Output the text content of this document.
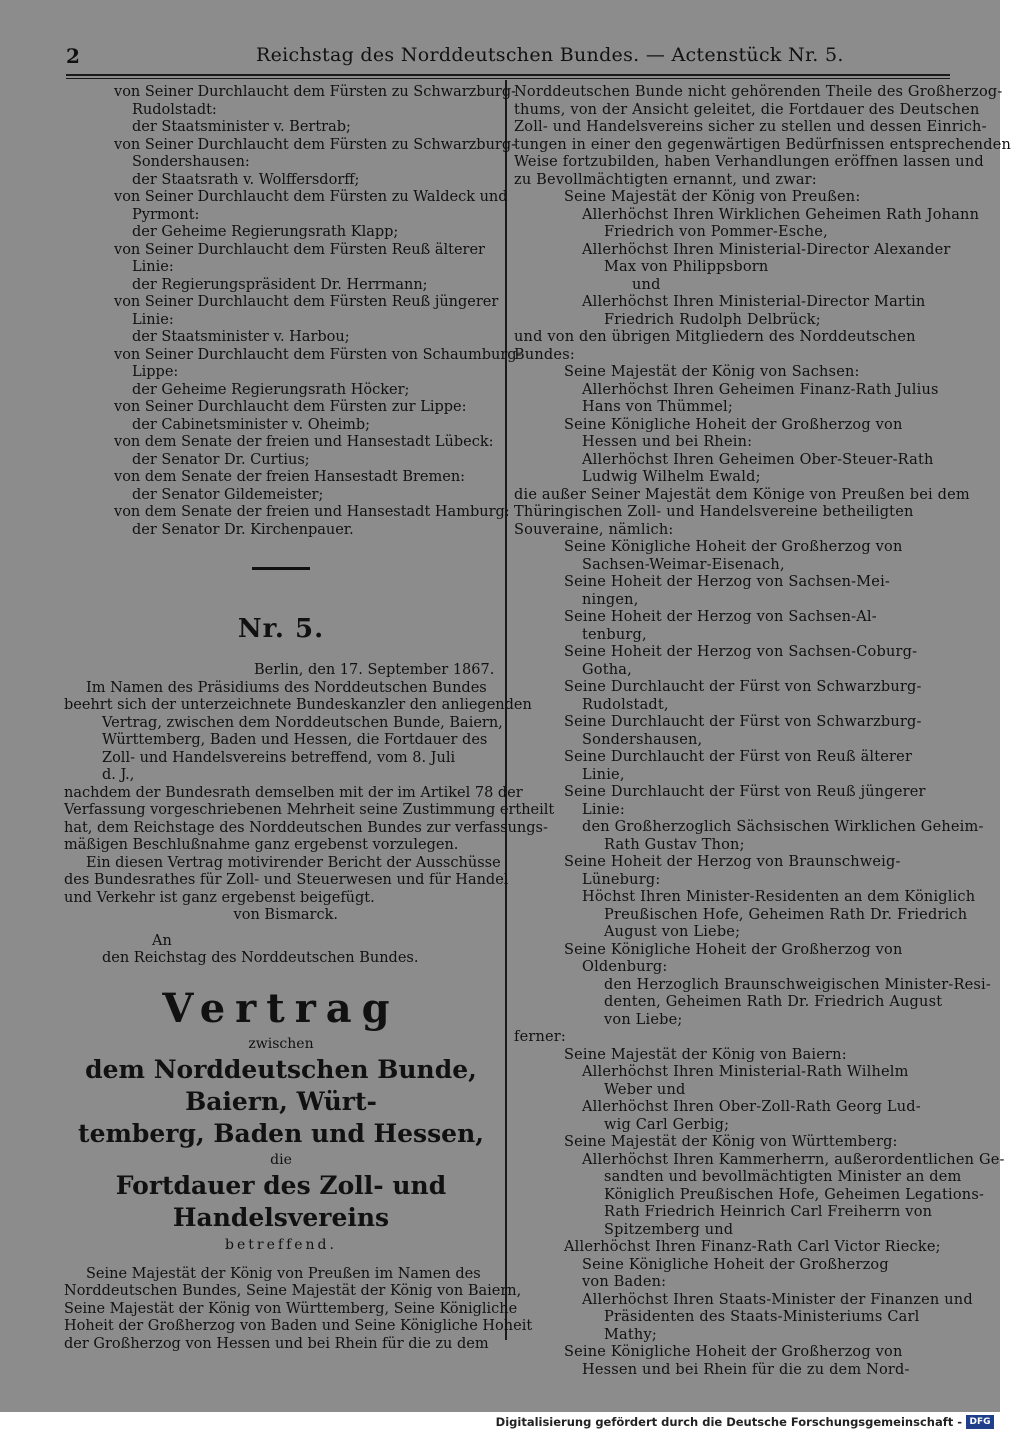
2	Reichstag des Norddeutschen Bundes. — Actenstück Nr. 5.
von Seiner Durchlaucht dem Fürsten zu Schwarzburg-
Rudolstadt:
der Staatsminister v. Bertrab;
von Seiner Durchlaucht dem Fürsten zu Schwarzburg-
Sondershausen:
der Staatsrath v. Wolffersdorff;
von Seiner Durchlaucht dem Fürsten zu Waldeck und
Pyrmont:
der Geheime Regierungsrath Klapp;
von Seiner Durchlaucht dem Fürsten Reuß älterer
Linie:
der Regierungspräsident Dr. Herrmann;
von Seiner Durchlaucht dem Fürsten Reuß jüngerer
Linie:
der Staatsminister v. Harbou;
von Seiner Durchlaucht dem Fürsten von Schaumburg-
Lippe:
der Geheime Regierungsrath Höcker;
von Seiner Durchlaucht dem Fürsten zur Lippe:
der Cabinetsminister v. Oheimb;
von dem Senate der freien und Hansestadt Lübeck:
der Senator Dr. Curtius;
von dem Senate der freien Hansestadt Bremen:
der Senator Gildemeister;
von dem Senate der freien und Hansestadt Hamburg:
der Senator Dr. Kirchenpauer.
Nr. 5.
Berlin, den 17. September 1867.
Im Namen des Präsidiums des Norddeutschen Bundes
beehrt sich der unterzeichnete Bundeskanzler den anliegenden
Vertrag, zwischen dem Norddeutschen Bunde, Baiern,
Württemberg, Baden und Hessen, die Fortdauer des
Zoll- und Handelsvereins betreffend, vom 8. Juli
d. J.,
nachdem der Bundesrath demselben mit der im Artikel 78 der
Verfassung vorgeschriebenen Mehrheit seine Zustimmung ertheilt
hat, dem Reichstage des Norddeutschen Bundes zur verfassungs-
mäßigen Beschlußnahme ganz ergebenst vorzulegen.
Ein diesen Vertrag motivirender Bericht der Ausschüsse
des Bundesrathes für Zoll- und Steuerwesen und für Handel
und Verkehr ist ganz ergebenst beigefügt.
von Bismarck.
An
den Reichstag des Norddeutschen Bundes.
Vertrag
zwischen
dem Norddeutschen Bunde, Baiern, Würt-
temberg, Baden und Hessen,
die
Fortdauer des Zoll- und Handelsvereins
betreffend.
Seine Majestät der König von Preußen im Namen des
Norddeutschen Bundes, Seine Majestät der König von Baiern,
Seine Majestät der König von Württemberg, Seine Königliche
Hoheit der Großherzog von Baden und Seine Königliche Hoheit
der Großherzog von Hessen und bei Rhein für die zu dem
Norddeutschen Bunde nicht gehörenden Theile des Großherzog-
thums, von der Ansicht geleitet, die Fortdauer des Deutschen
Zoll- und Handelsvereins sicher zu stellen und dessen Einrich-
tungen in einer den gegenwärtigen Bedürfnissen entsprechenden
Weise fortzubilden, haben Verhandlungen eröffnen lassen und
zu Bevollmächtigten ernannt, und zwar:
Seine Majestät der König von Preußen:
Allerhöchst Ihren Wirklichen Geheimen Rath Johann
Friedrich von Pommer-Esche,
Allerhöchst Ihren Ministerial-Director Alexander
Max von Philippsborn
und
Allerhöchst Ihren Ministerial-Director Martin
Friedrich Rudolph Delbrück;
und von den übrigen Mitgliedern des Norddeutschen
Bundes:
Seine Majestät der König von Sachsen:
Allerhöchst Ihren Geheimen Finanz-Rath Julius
Hans von Thümmel;
Seine Königliche Hoheit der Großherzog von
Hessen und bei Rhein:
Allerhöchst Ihren Geheimen Ober-Steuer-Rath
Ludwig Wilhelm Ewald;
die außer Seiner Majestät dem Könige von Preußen bei dem
Thüringischen Zoll- und Handelsvereine betheiligten
Souveraine, nämlich:
Seine Königliche Hoheit der Großherzog von
Sachsen-Weimar-Eisenach,
Seine Hoheit der Herzog von Sachsen-Mei-
ningen,
Seine Hoheit der Herzog von Sachsen-Al-
tenburg,
Seine Hoheit der Herzog von Sachsen-Coburg-
Gotha,
Seine Durchlaucht der Fürst von Schwarzburg-
Rudolstadt,
Seine Durchlaucht der Fürst von Schwarzburg-
Sondershausen,
Seine Durchlaucht der Fürst von Reuß älterer
Linie,
Seine Durchlaucht der Fürst von Reuß jüngerer
Linie:
den Großherzoglich Sächsischen Wirklichen Geheim-
Rath Gustav Thon;
Seine Hoheit der Herzog von Braunschweig-
Lüneburg:
Höchst Ihren Minister-Residenten an dem Königlich
Preußischen Hofe, Geheimen Rath Dr. Friedrich
August von Liebe;
Seine Königliche Hoheit der Großherzog von
Oldenburg:
den Herzoglich Braunschweigischen Minister-Resi-
denten, Geheimen Rath Dr. Friedrich August
von Liebe;
ferner:
Seine Majestät der König von Baiern:
Allerhöchst Ihren Ministerial-Rath Wilhelm
Weber und
Allerhöchst Ihren Ober-Zoll-Rath Georg Lud-
wig Carl Gerbig;
Seine Majestät der König von Württemberg:
Allerhöchst Ihren Kammerherrn, außerordentlichen Ge-
sandten und bevollmächtigten Minister an dem
Königlich Preußischen Hofe, Geheimen Legations-
Rath Friedrich Heinrich Carl Freiherrn von
Spitzemberg und
Allerhöchst Ihren Finanz-Rath Carl Victor Riecke;
Seine Königliche Hoheit der Großherzog
von Baden:
Allerhöchst Ihren Staats-Minister der Finanzen und
Präsidenten des Staats-Ministeriums Carl
Mathy;
Seine Königliche Hoheit der Großherzog von
Hessen und bei Rhein für die zu dem Nord-
Digitalisierung gefördert durch die Deutsche Forschungsgemeinschaft - DFG
